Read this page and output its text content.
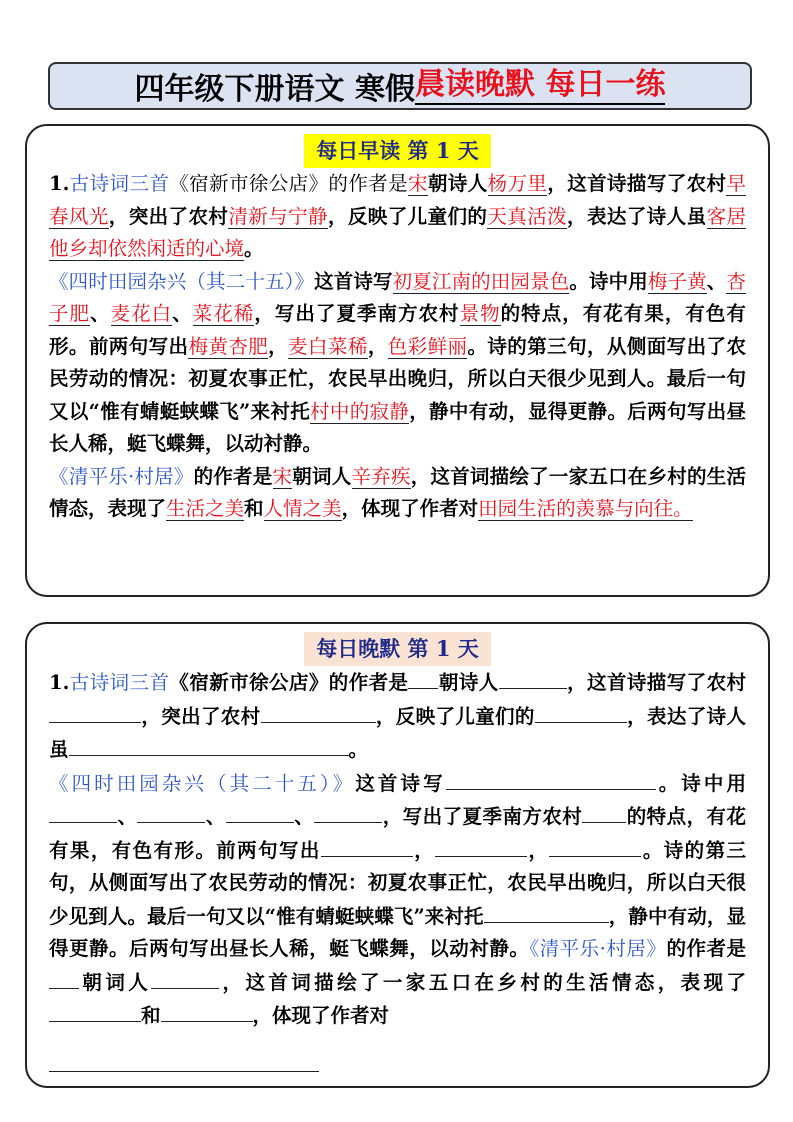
四年级下册语文 寒假 晨读晚默 每日一练
每日早读 第 1 天

1.古诗词三首《宿新市徐公店》的作者是宋朝诗人杨万里，这首诗描写了农村早春风光，突出了农村清新与宁静，反映了儿童们的天真活泼，表达了诗人虽客居他乡却依然闲适的心境。

《四时田园杂兴（其二十五）》这首诗写初夏江南的田园景色。诗中用梅子黄、杏子肥、麦花白、菜花稀，写出了夏季南方农村景物的特点，有花有果，有色有形。前两句写出梅黄杏肥，麦白菜稀，色彩鲜丽。诗的第三句，从侧面写出了农民劳动的情况：初夏农事正忙，农民早出晚归，所以白天很少见到人。最后一句又以“惟有蜻蜓蛱蝶飞”来衬托村中的寂静，静中有动，显得更静。后两句写出昼长人稀，蜓飞蝶舞，以动衬静。

《清平乐·村居》的作者是宋朝词人辛弃疾，这首词描绘了一家五口在乡村的生活情态，表现了生活之美和人情之美，体现了作者对田园生活的羡慕与向往。

每日晚默 第 1 天

1.古诗词三首《宿新市徐公店》的作者是 朝诗人	，这首诗描写了农村，突出了农村	，反映了儿童们的	，表达了诗人虽	。

《四时田园杂兴（其二十五）》这首诗写	。诗中用、	、	、	，写出了夏季南方农村 的特点，有花有果，有色有形。前两句写出	，	，	。诗的第三句，从侧面写出了农民劳动的情况：初夏农事正忙，农民早出晚归，所以白天很少见到人。最后一句又以“惟有蜻蜓蛱蝶飞”来衬托	，静中有动，显得更静。后两句写出昼长人稀，蜓飞蝶舞，以动衬静。《清平乐·村居》的作者是朝词人	，这首词描绘了一家五口在乡村的生活情态，表现了和	，体现了作者对
